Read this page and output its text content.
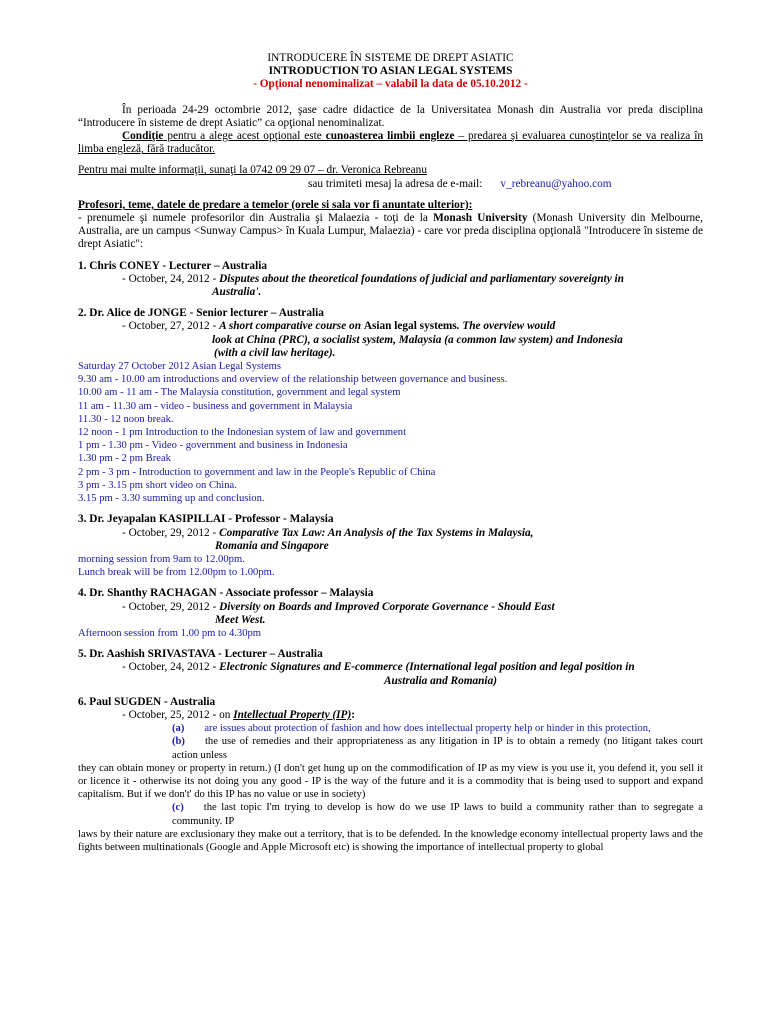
INTRODUCERE ÎN SISTEME DE DREPT ASIATIC

INTRODUCTION TO ASIAN LEGAL SYSTEMS

- Opţional nenominalizat – valabil la data de 05.10.2012 -

În perioada 24-29 octombrie 2012, şase cadre didactice de la Universitatea Monash din Australia vor preda disciplina “Introducere în sisteme de drept Asiatic” ca opţional nenominalizat.

Condiţie pentru a alege acest opţional este cunoasterea limbii engleze – predarea şi evaluarea cunoştinţelor se va realiza în limba engleză, fără traducător.

Pentru mai multe informaţii, sunaţi la 0742 09 29 07 – dr. Veronica Rebreanu

sau trimiteti mesaj la adresa de e-mail: v_rebreanu@yahoo.com

Profesori, teme, datele de predare a temelor (orele si sala vor fi anuntate ulterior):

- prenumele şi numele profesorilor din Australia şi Malaezia - toţi de la Monash University (Monash University din Melbourne, Australia, are un campus <Sunway Campus> în Kuala Lumpur, Malaezia) - care vor preda disciplina opţională "Introducere în sisteme de drept Asiatic":

1. Chris CONEY - Lecturer – Australia

- October, 24, 2012 - Disputes about the theoretical foundations of judicial and parliamentary sovereignty in

Australia'.

2. Dr. Alice de JONGE - Senior lecturer – Australia

- October, 27, 2012 - A short comparative course on Asian legal systems. The overview would

look at China (PRC), a socialist system, Malaysia (a common law system) and Indonesia

(with a civil law heritage).

Saturday 27 October 2012 Asian Legal Systems

9.30 am - 10.00 am introductions and overview of the relationship between governance and business.

10.00 am - 11 am - The Malaysia constitution, government and legal system

11 am - 11.30 am - video - business and government in Malaysia

11.30 - 12 noon break.

12 noon - 1 pm Introduction to the Indonesian system of law and government

1 pm - 1.30 pm - Video - government and business in Indonesia

1.30 pm - 2 pm Break

2 pm - 3 pm - Introduction to government and law in the People's Republic of China

3 pm - 3.15 pm short video on China.

3.15 pm - 3.30 summing up and conclusion.

3. Dr. Jeyapalan KASIPILLAI - Professor - Malaysia

- October, 29, 2012 - Comparative Tax Law: An Analysis of the Tax Systems in Malaysia,

Romania and Singapore

morning session from 9am to 12.00pm.

Lunch break will be from 12.00pm to 1.00pm.

4. Dr. Shanthy RACHAGAN - Associate professor – Malaysia

- October, 29, 2012 - Diversity on Boards and Improved Corporate Governance - Should East

Meet West.

Afternoon session from 1.00 pm to 4.30pm

5. Dr. Aashish SRIVASTAVA - Lecturer – Australia

- October, 24, 2012 - Electronic Signatures and E-commerce (International legal position and legal position in

Australia and Romania)

6. Paul SUGDEN - Australia

- October, 25, 2012 - on Intellectual Property (IP):

(a) are issues about protection of fashion and how does intellectual property help or hinder in this protection,

(b) the use of remedies and their appropriateness as any litigation in IP is to obtain a remedy (no litigant takes court action unless

they can obtain money or property in return.) (I don't get hung up on the commodification of IP as my view is you use it, you defend it, you sell it or licence it - otherwise its not doing you any good - IP is the way of the future and it is a commodity that is being used to support and expand capitalism. But if we don't' do this IP has no value or use in society)

(c) the last topic I'm trying to develop is how do we use IP laws to build a community rather than to segregate a community. IP

laws by their nature are exclusionary they make out a territory, that is to be defended. In the knowledge economy intellectual property laws and the fights between multinationals (Google and Apple Microsoft etc) is showing the importance of intellectual property to global
